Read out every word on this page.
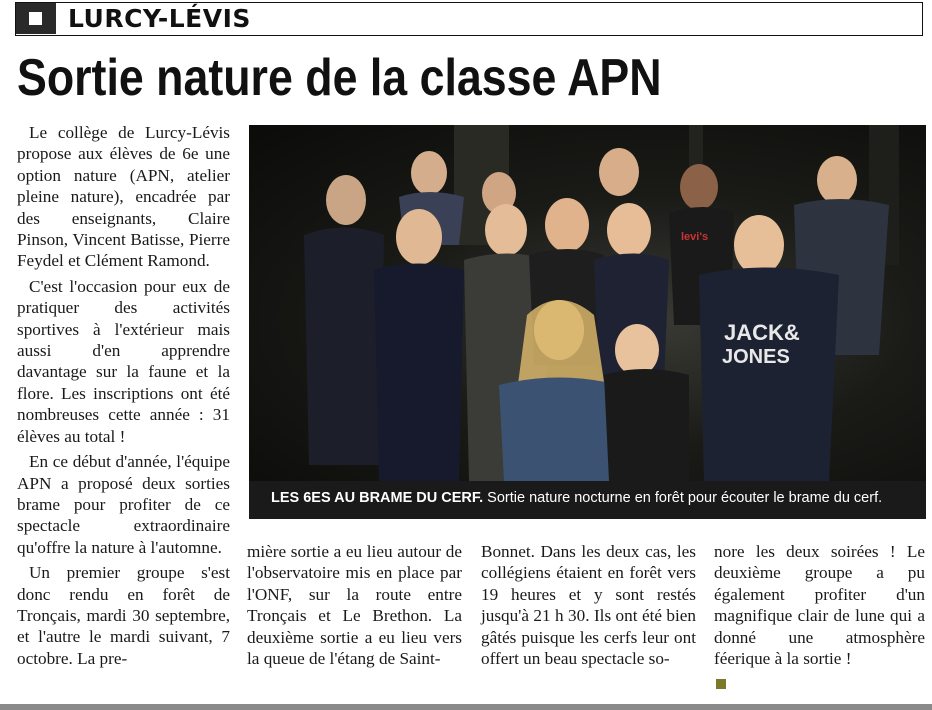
LURCY-LÉVIS
Sortie nature de la classe APN

Le collège de Lurcy-Lévis propose aux élèves de 6e une option nature (APN, atelier pleine nature), encadrée par des enseignants, Claire Pinson, Vincent Batisse, Pierre Feydel et Clément Ramond.

C'est l'occasion pour eux de pratiquer des activités sportives à l'extérieur mais aussi d'en apprendre davantage sur la faune et la flore. Les inscriptions ont été nombreuses cette année : 31 élèves au total !

En ce début d'année, l'équipe APN a proposé deux sorties brame pour profiter de ce spectacle extraordinaire qu'offre la nature à l'automne.

Un premier groupe s'est donc rendu en forêt de Tronçais, mardi 30 septembre, et l'autre le mardi suivant, 7 octobre. La pre-

levi's
JACK&
JONES
LES 6ES AU BRAME DU CERF. Sortie nature nocturne en forêt pour écouter le brame du cerf.

mière sortie a eu lieu autour de l'observatoire mis en place par l'ONF, sur la route entre Tronçais et Le Brethon. La deuxième sortie a eu lieu vers la queue de l'étang de Saint-

Bonnet. Dans les deux cas, les collégiens étaient en forêt vers 19 heures et y sont restés jusqu'à 21 h 30. Ils ont été bien gâtés puisque les cerfs leur ont offert un beau spectacle so-

nore les deux soirées ! Le deuxième groupe a pu également profiter d'un magnifique clair de lune qui a donné une atmosphère féerique à la sortie !
